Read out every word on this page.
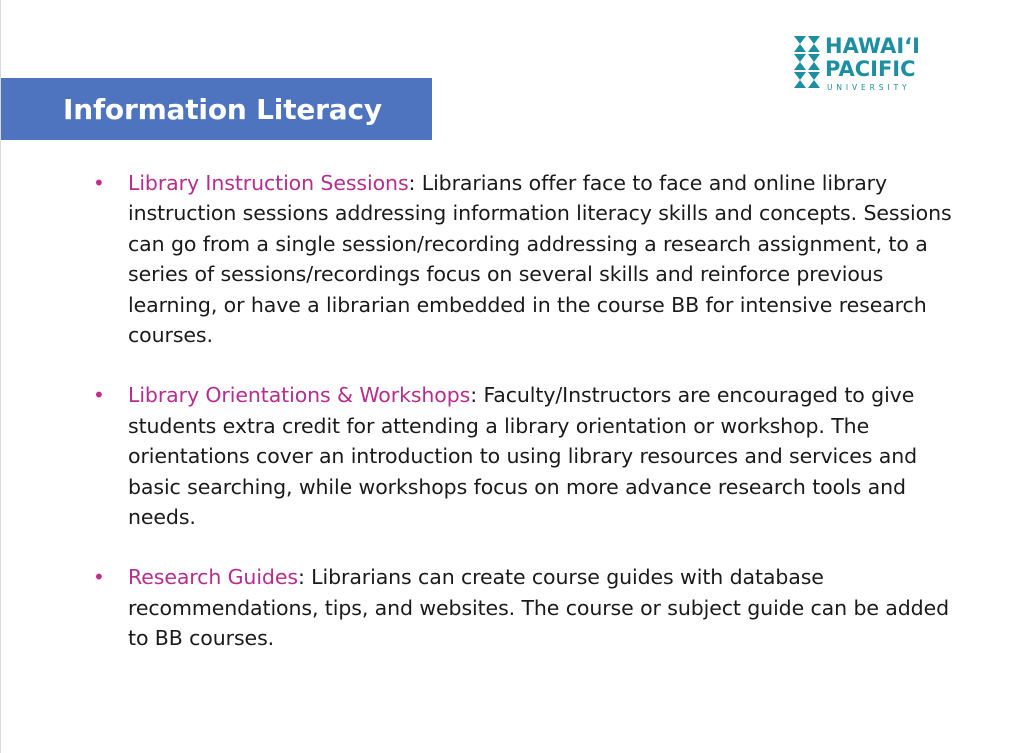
Information Literacy
HAWAI‘I
PACIFIC
UNIVERSITY
• Library Instruction Sessions: Librarians offer face to face and online library instruction sessions addressing information literacy skills and concepts. Sessions can go from a single session/recording addressing a research assignment, to a series of sessions/recordings focus on several skills and reinforce previous learning, or have a librarian embedded in the course BB for intensive research courses.
• Library Orientations & Workshops: Faculty/Instructors are encouraged to give students extra credit for attending a library orientation or workshop. The orientations cover an introduction to using library resources and services and basic searching, while workshops focus on more advance research tools and needs.
• Research Guides: Librarians can create course guides with database recommendations, tips, and websites. The course or subject guide can be added to BB courses.
